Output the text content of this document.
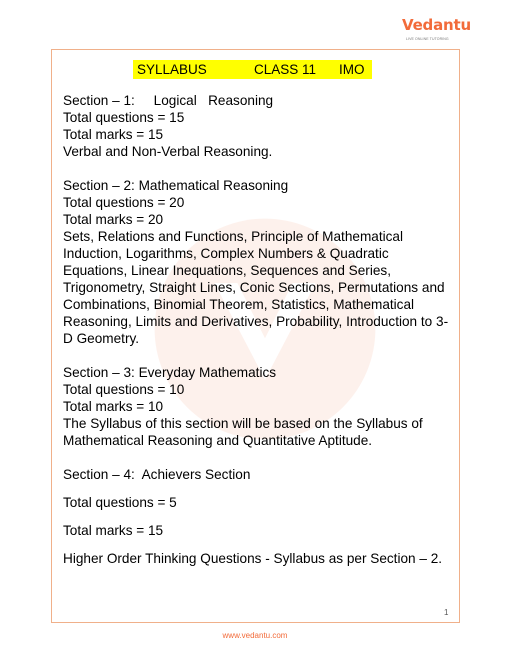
Vedantu
LIVE ONLINE TUTORING
SYLLABUS	CLASS 11 IMO

Section – 1:     Logical   Reasoning

Total questions = 15

Total marks = 15

Verbal and Non-Verbal Reasoning.

Section – 2: Mathematical Reasoning

Total questions = 20

Total marks = 20

Sets, Relations and Functions, Principle of Mathematical Induction, Logarithms, Complex Numbers & Quadratic Equations, Linear Inequations, Sequences and Series, Trigonometry, Straight Lines, Conic Sections, Permutations and Combinations, Binomial Theorem, Statistics, Mathematical Reasoning, Limits and Derivatives, Probability, Introduction to 3-D Geometry.

Section – 3: Everyday Mathematics

Total questions = 10

Total marks = 10

The Syllabus of this section will be based on the Syllabus of Mathematical Reasoning and Quantitative Aptitude.

Section – 4:  Achievers Section

Total questions = 5

Total marks = 15

Higher Order Thinking Questions - Syllabus as per Section – 2.

1
www.vedantu.com
